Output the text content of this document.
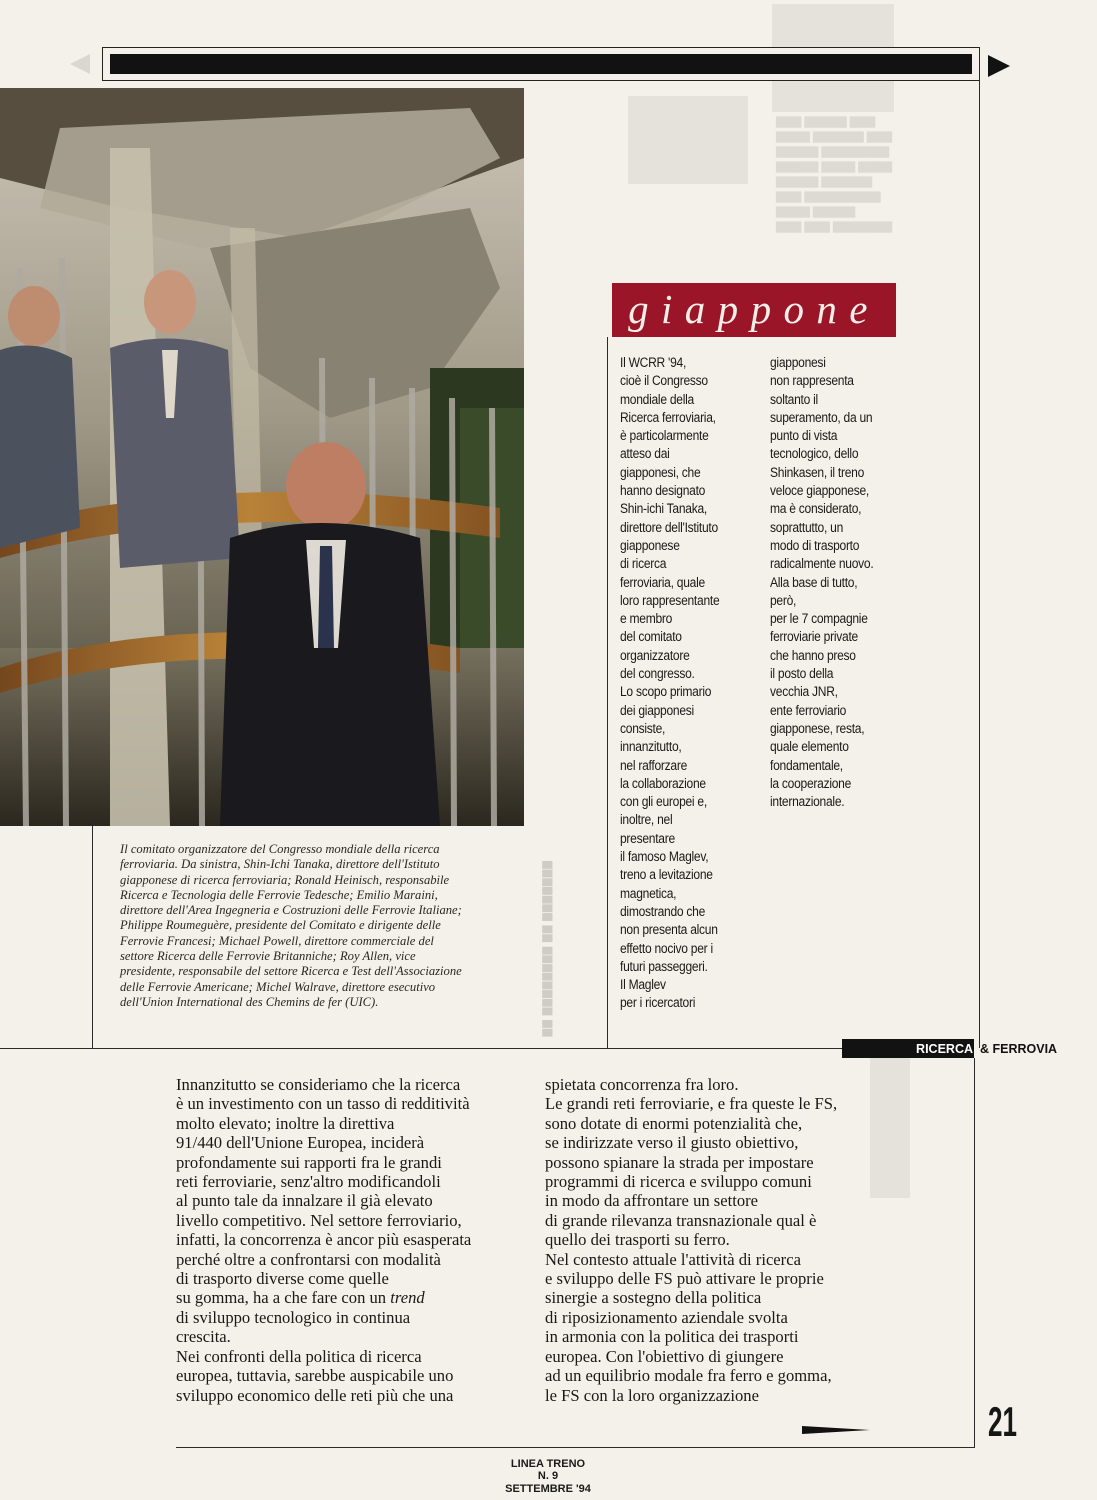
▇▇▇ ▇▇▇▇▇ ▇▇▇
▇▇▇▇ ▇▇▇▇▇▇ ▇▇▇
▇▇▇▇▇ ▇▇▇▇▇▇▇▇
▇▇▇▇▇ ▇▇▇▇ ▇▇▇▇
▇▇▇▇▇ ▇▇▇▇▇▇
▇▇▇ ▇▇▇▇▇▇▇▇▇
▇▇▇▇ ▇▇▇▇▇
▇▇▇ ▇▇▇ ▇▇▇▇▇▇▇
Il comitato organizzatore del Congresso mondiale della ricerca ferroviaria. Da sinistra, Shin-Ichi Tanaka, direttore dell'Istituto giapponese di ricerca ferroviaria; Ronald Heinisch, responsabile Ricerca e Tecnologia delle Ferrovie Tedesche; Emilio Maraini, direttore dell'Area Ingegneria e Costruzioni delle Ferrovie Italiane; Philippe Roumeguère, presidente del Comitato e dirigente delle Ferrovie Francesi; Michael Powell, direttore commerciale del settore Ricerca delle Ferrovie Britanniche; Roy Allen, vice presidente, responsabile del settore Ricerca e Test dell'Associazione delle Ferrovie Americane; Michel Walrave, direttore esecutivo dell'Union International des Chemins de fer (UIC).	▇▇ ▇▇▇▇▇▇▇▇ ▇▇ ▇▇▇▇▇▇▇
giappone
Il WCRR '94,
cioè il Congresso
mondiale della
Ricerca ferroviaria,
è particolarmente
atteso dai
giapponesi, che
hanno designato
Shin-ichi Tanaka,
direttore dell'Istituto
giapponese
di ricerca
ferroviaria, quale
loro rappresentante
e membro
del comitato
organizzatore
del congresso.
Lo scopo primario
dei giapponesi
consiste,
innanzitutto,
nel rafforzare
la collaborazione
con gli europei e,
inoltre, nel
presentare
il famoso Maglev,
treno a levitazione
magnetica,
dimostrando che
non presenta alcun
effetto nocivo per i
futuri passeggeri.
Il Maglev
per i ricercatori
giapponesi
non rappresenta
soltanto il
superamento, da un
punto di vista
tecnologico, dello
Shinkasen, il treno
veloce giapponese,
ma è considerato,
soprattutto, un
modo di trasporto
radicalmente nuovo.
Alla base di tutto,
però,
per le 7 compagnie
ferroviarie private
che hanno preso
il posto della
vecchia JNR,
ente ferroviario
giapponese, resta,
quale elemento
fondamentale,
la cooperazione
internazionale.
RICERCA & FERROVIA
Innanzitutto se consideriamo che la ricerca
è un investimento con un tasso di redditività
molto elevato; inoltre la direttiva
91/440 dell'Unione Europea, inciderà
profondamente sui rapporti fra le grandi
reti ferroviarie, senz'altro modificandoli
al punto tale da innalzare il già elevato
livello competitivo. Nel settore ferroviario,
infatti, la concorrenza è ancor più esasperata
perché oltre a confrontarsi con modalità
di trasporto diverse come quelle
su gomma, ha a che fare con un trend
di sviluppo tecnologico in continua
crescita.
Nei confronti della politica di ricerca
europea, tuttavia, sarebbe auspicabile uno
sviluppo economico delle reti più che una
spietata concorrenza fra loro.
Le grandi reti ferroviarie, e fra queste le FS,
sono dotate di enormi potenzialità che,
se indirizzate verso il giusto obiettivo,
possono spianare la strada per impostare
programmi di ricerca e sviluppo comuni
in modo da affrontare un settore
di grande rilevanza transnazionale qual è
quello dei trasporti su ferro.
Nel contesto attuale l'attività di ricerca
e sviluppo delle FS può attivare le proprie
sinergie a sostegno della politica
di riposizionamento aziendale svolta
in armonia con la politica dei trasporti
europea. Con l'obiettivo di giungere
ad un equilibrio modale fra ferro e gomma,
le FS con la loro organizzazione
21
LINEA TRENO
N. 9
SETTEMBRE '94
